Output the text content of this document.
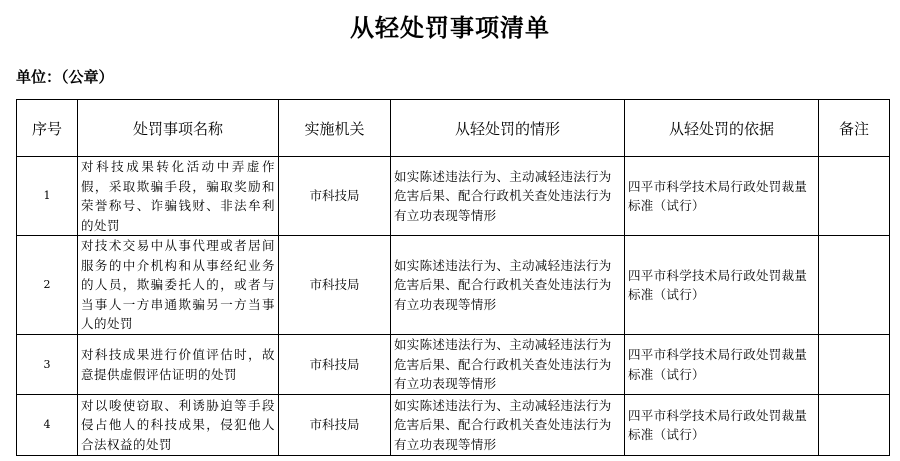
从轻处罚事项清单
单位：（公章）
序号	处罚事项名称	实施机关	从轻处罚的情形	从轻处罚的依据	备注
1	对科技成果转化活动中弄虚作假，采取欺骗手段，骗取奖励和荣誉称号、诈骗钱财、非法牟利的处罚	市科技局	如实陈述违法行为、主动减轻违法行为危害后果、配合行政机关查处违法行为有立功表现等情形	四平市科学技术局行政处罚裁量标准（试行）	
2	对技术交易中从事代理或者居间服务的中介机构和从事经纪业务的人员，欺骗委托人的，或者与当事人一方串通欺骗另一方当事人的处罚	市科技局	如实陈述违法行为、主动减轻违法行为危害后果、配合行政机关查处违法行为有立功表现等情形	四平市科学技术局行政处罚裁量标准（试行）	
3	对科技成果进行价值评估时，故意提供虚假评估证明的处罚	市科技局	如实陈述违法行为、主动减轻违法行为危害后果、配合行政机关查处违法行为有立功表现等情形	四平市科学技术局行政处罚裁量标准（试行）	
4	对以唆使窃取、利诱胁迫等手段侵占他人的科技成果，侵犯他人合法权益的处罚	市科技局	如实陈述违法行为、主动减轻违法行为危害后果、配合行政机关查处违法行为有立功表现等情形	四平市科学技术局行政处罚裁量标准（试行）	
